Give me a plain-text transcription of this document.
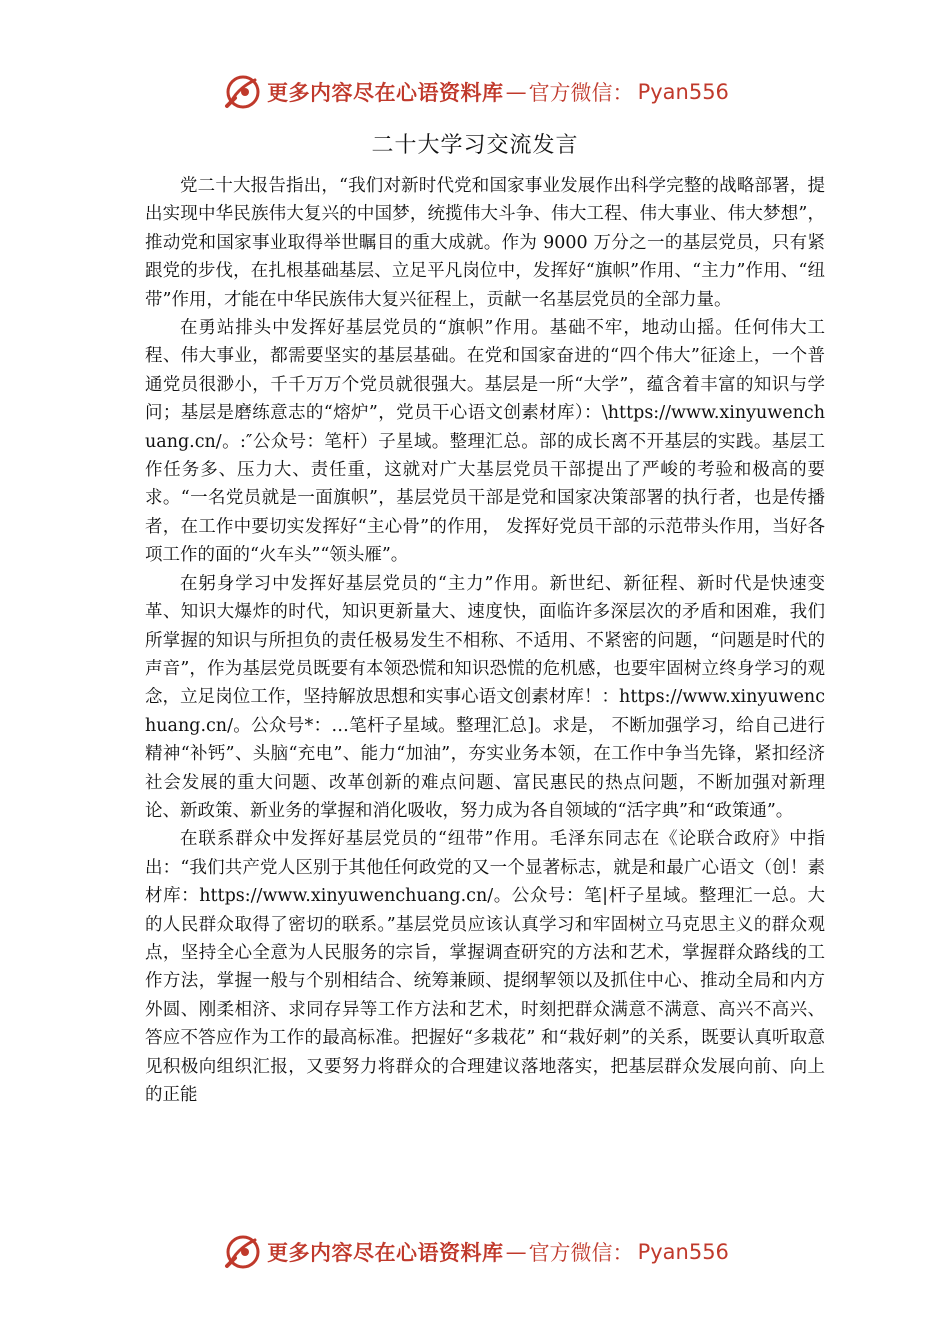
更多内容尽在心语资料库 — 官方微信： Pyan556
二十大学习交流发言

党二十大报告指出，“我们对新时代党和国家事业发展作出科学完整的战略部署，提出实现中华民族伟大复兴的中国梦，统揽伟大斗争、伟大工程、伟大事业、伟大梦想”，推动党和国家事业取得举世瞩目的重大成就。作为 9000 万分之一的基层党员，只有紧跟党的步伐，在扎根基础基层、立足平凡岗位中，发挥好“旗帜”作用、“主力”作用、“纽带”作用，才能在中华民族伟大复兴征程上，贡献一名基层党员的全部力量。

在勇站排头中发挥好基层党员的“旗帜”作用。基础不牢，地动山摇。任何伟大工程、伟大事业，都需要坚实的基层基础。在党和国家奋进的“四个伟大”征途上，一个普通党员很渺小，千千万万个党员就很强大。基层是一所“大学”，蕴含着丰富的知识与学问；基层是磨练意志的“熔炉”，党员干心语文创素材库）：\https://www.xinyuwenchuang.cn/。:″公众号：笔杆）子星域。整理汇总。部的成长离不开基层的实践。基层工作任务多、压力大、责任重，这就对广大基层党员干部提出了严峻的考验和极高的要求。“一名党员就是一面旗帜”，基层党员干部是党和国家决策部署的执行者，也是传播者，在工作中要切实发挥好“主心骨”的作用， 发挥好党员干部的示范带头作用，当好各项工作的面的“火车头”“领头雁”。

在躬身学习中发挥好基层党员的“主力”作用。新世纪、新征程、新时代是快速变革、知识大爆炸的时代，知识更新量大、速度快，面临许多深层次的矛盾和困难，我们所掌握的知识与所担负的责任极易发生不相称、不适用、不紧密的问题，“问题是时代的声音”，作为基层党员既要有本领恐慌和知识恐慌的危机感，也要牢固树立终身学习的观念，立足岗位工作，坚持解放思想和实事心语文创素材库！：https://www.xinyuwenchuang.cn/。公众号*：…笔杆子星域。整理汇总]。求是， 不断加强学习，给自己进行精神“补钙”、头脑“充电”、能力“加油”，夯实业务本领，在工作中争当先锋，紧扣经济社会发展的重大问题、改革创新的难点问题、富民惠民的热点问题，不断加强对新理论、新政策、新业务的掌握和消化吸收，努力成为各自领域的“活字典”和“政策通”。

在联系群众中发挥好基层党员的“纽带”作用。毛泽东同志在《论联合政府》中指出：“我们共产党人区别于其他任何政党的又一个显著标志，就是和最广心语文（创！素材库：https://www.xinyuwenchuang.cn/。公众号：笔|杆子星域。整理汇一总。大的人民群众取得了密切的联系。”基层党员应该认真学习和牢固树立马克思主义的群众观点，坚持全心全意为人民服务的宗旨，掌握调查研究的方法和艺术，掌握群众路线的工作方法，掌握一般与个别相结合、统筹兼顾、提纲挈领以及抓住中心、推动全局和内方外圆、刚柔相济、求同存异等工作方法和艺术，时刻把群众满意不满意、高兴不高兴、答应不答应作为工作的最高标准。把握好“多栽花” 和“栽好刺”的关系，既要认真听取意见积极向组织汇报，又要努力将群众的合理建议落地落实，把基层群众发展向前、向上的正能

更多内容尽在心语资料库 — 官方微信： Pyan556
